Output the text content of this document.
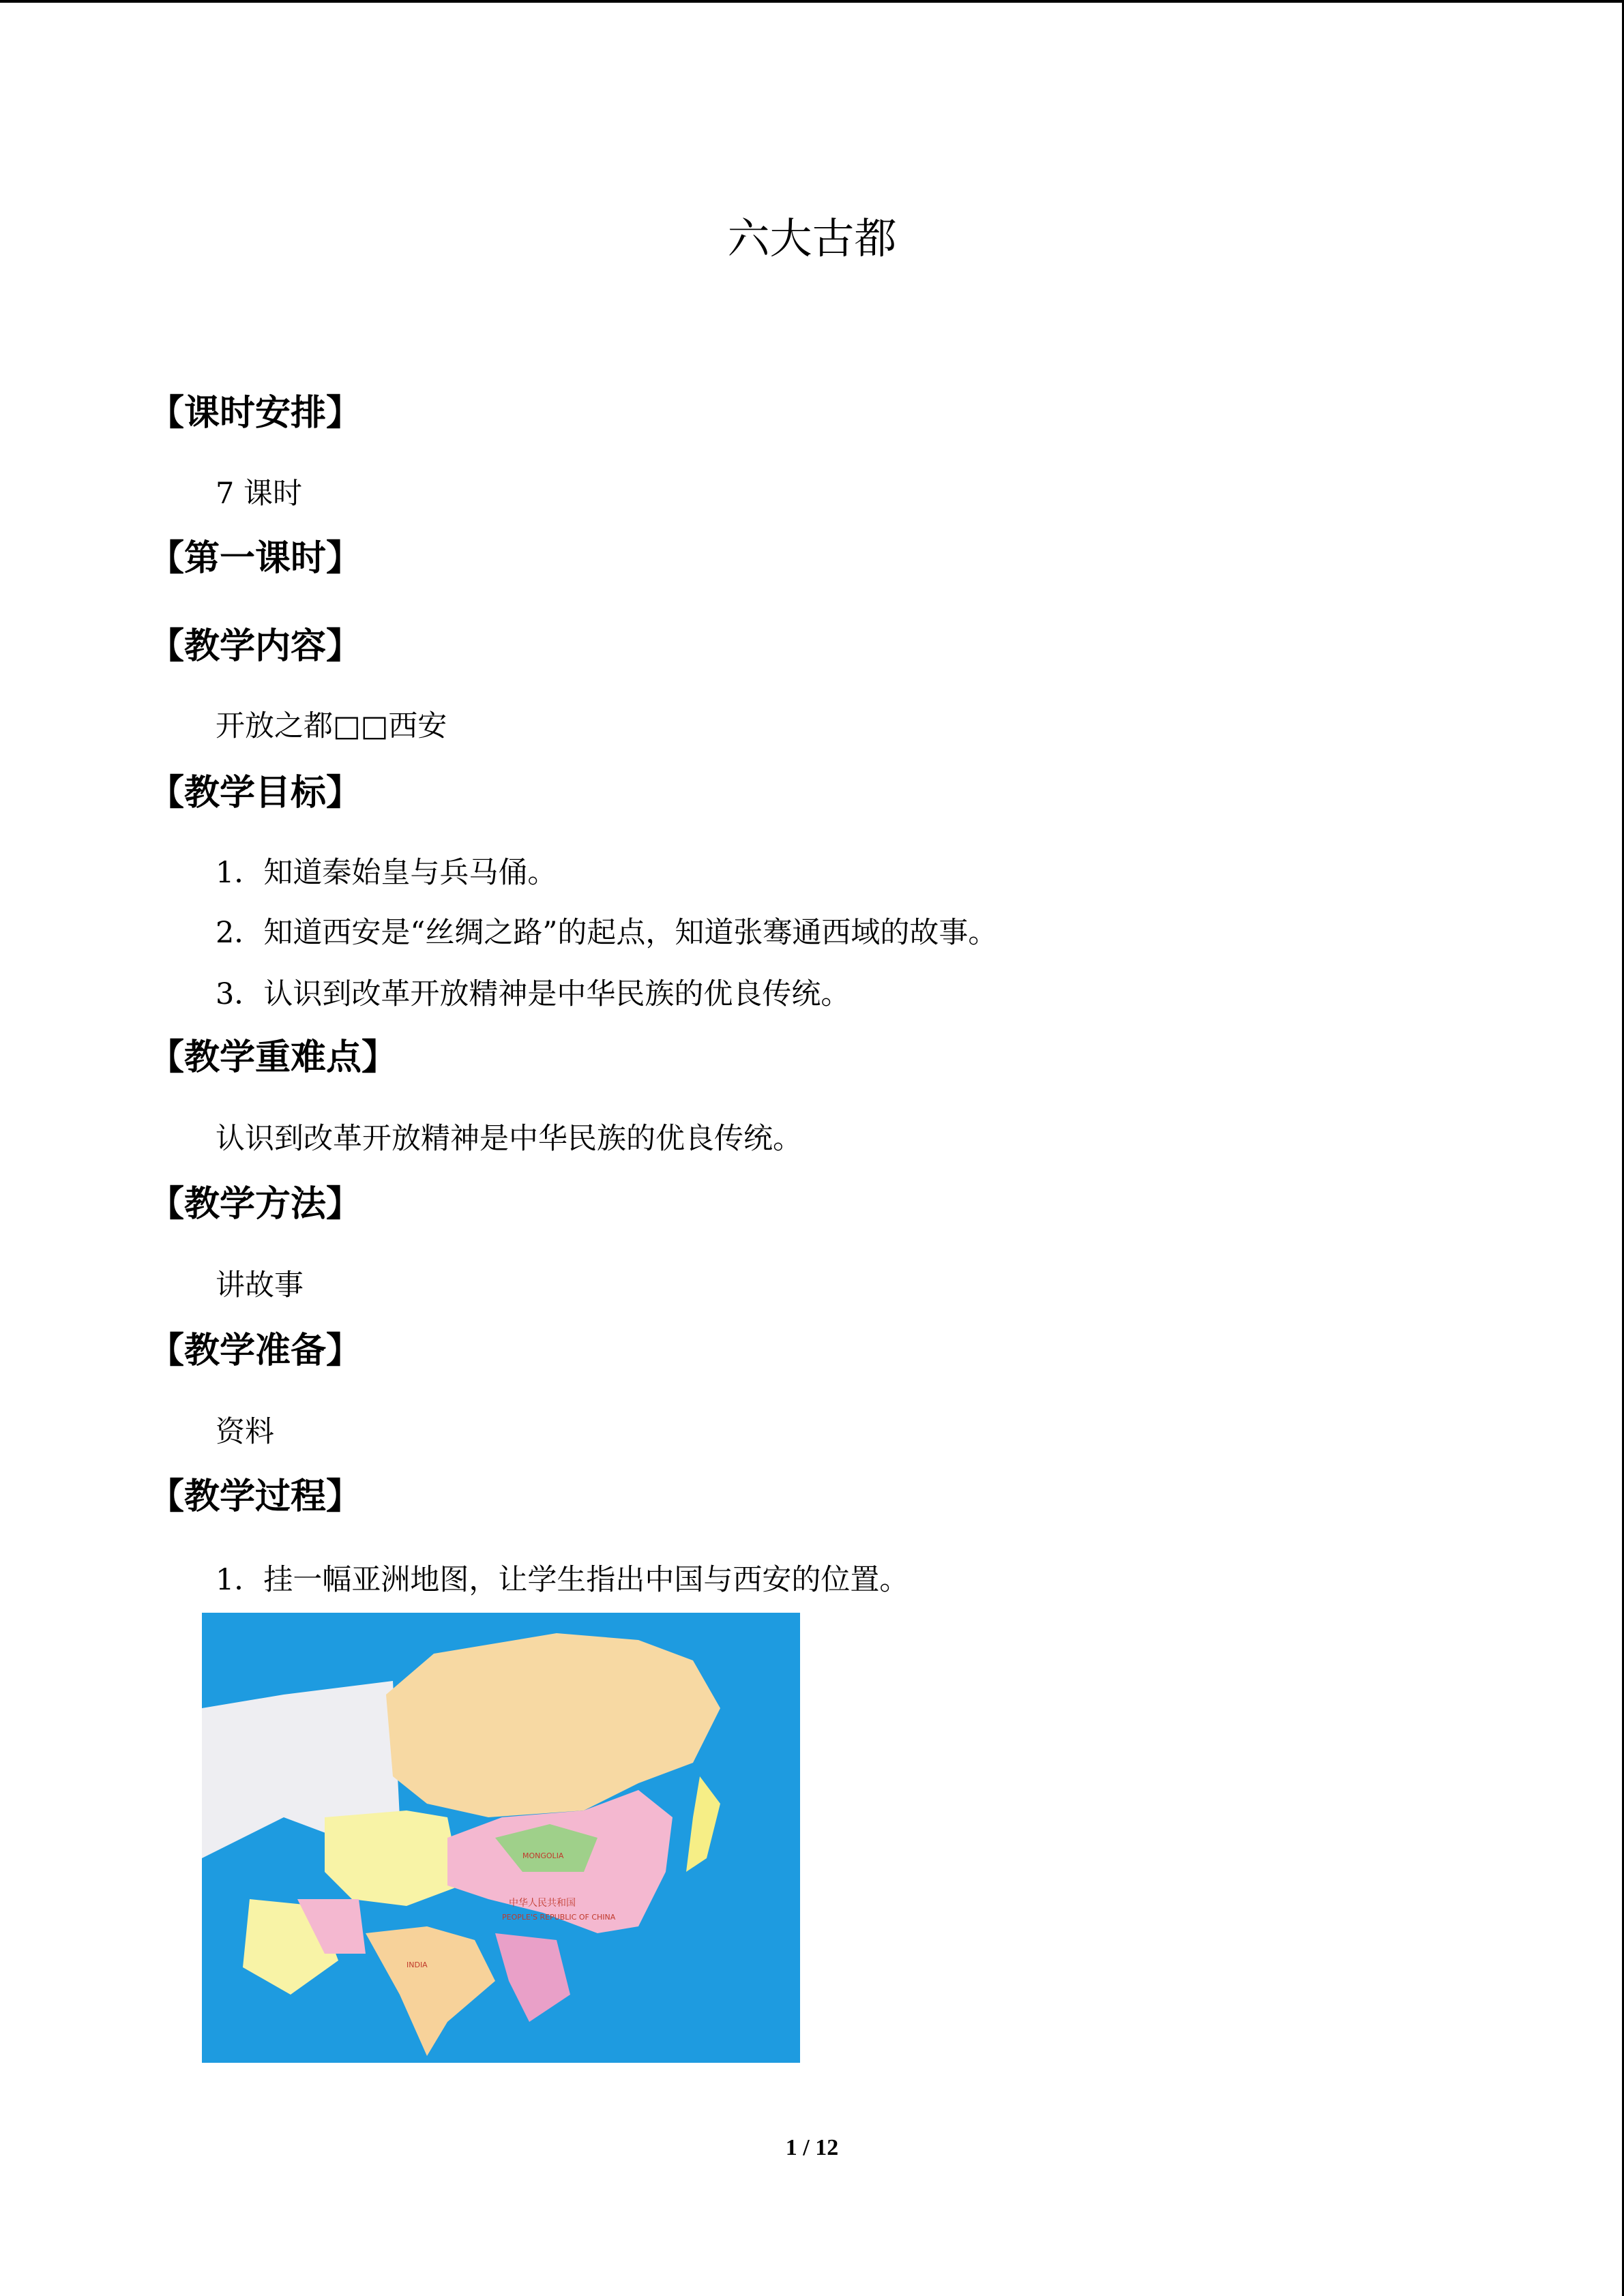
六大古都
【课时安排】
7 课时
【第一课时】
【教学内容】
开放之都□□西安
【教学目标】
1．知道秦始皇与兵马俑。
2．知道西安是“丝绸之路”的起点，知道张骞通西域的故事。
3．认识到改革开放精神是中华民族的优良传统。
【教学重难点】
认识到改革开放精神是中华民族的优良传统。
【教学方法】
讲故事
【教学准备】
资料
【教学过程】
1．挂一幅亚洲地图，让学生指出中国与西安的位置。
中华人民共和国
PEOPLE'S REPUBLIC OF CHINA
MONGOLIA
INDIA
1 / 12
